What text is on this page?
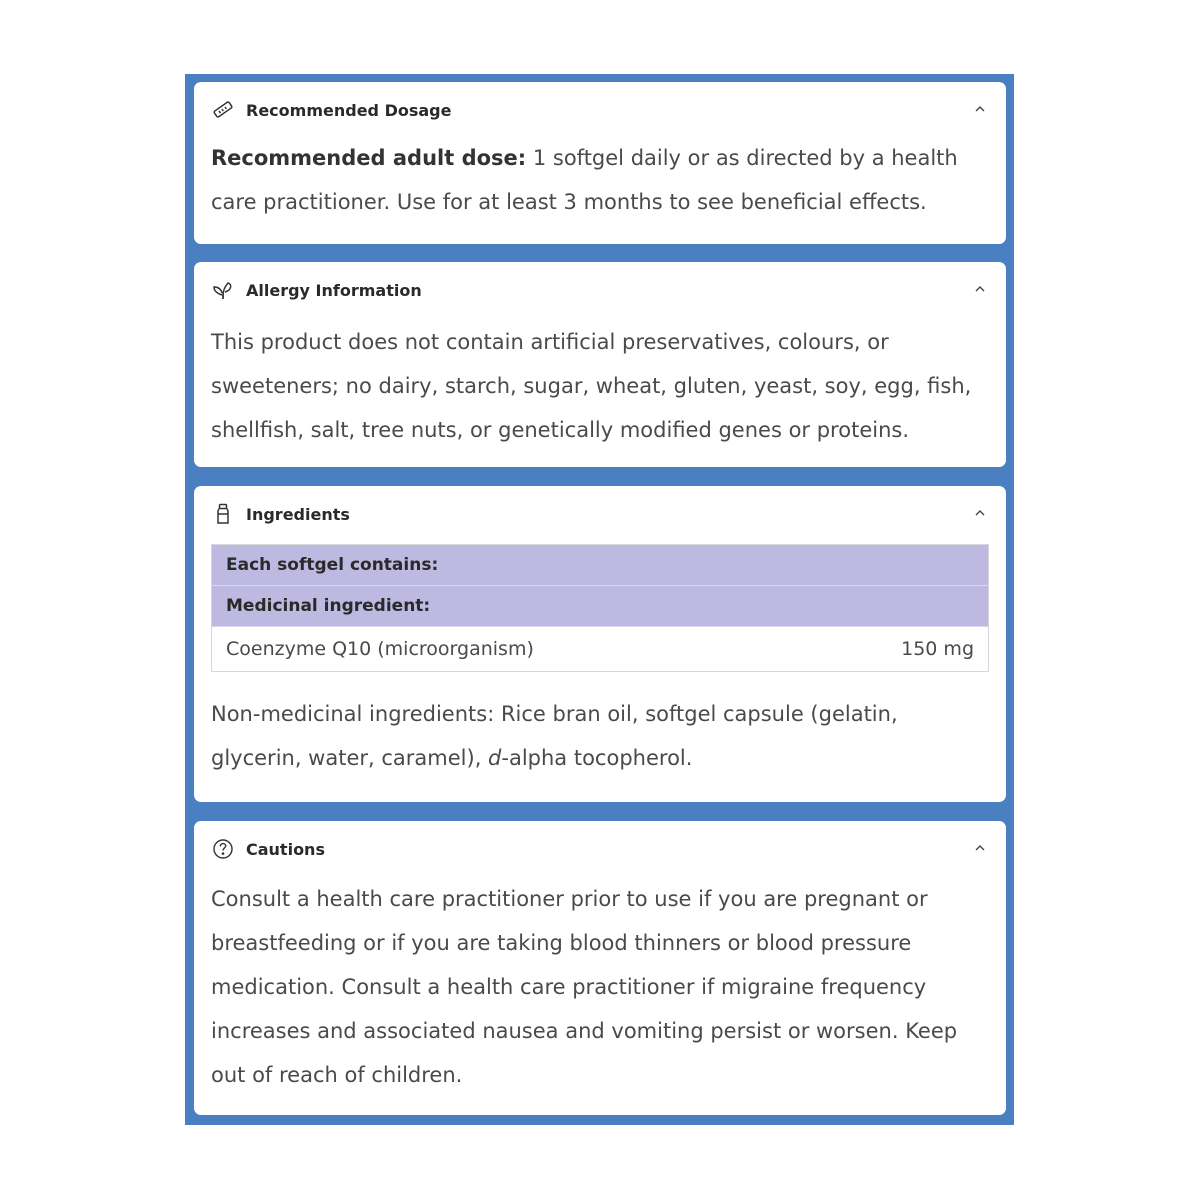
Recommended Dosage

Recommended adult dose: 1 softgel daily or as directed by a health care practitioner. Use for at least 3 months to see beneficial effects.

Allergy Information

This product does not contain artificial preservatives, colours, or sweeteners; no dairy, starch, sugar, wheat, gluten, yeast, soy, egg, fish, shellfish, salt, tree nuts, or genetically modified genes or proteins.

Ingredients
Each softgel contains:
Medicinal ingredient:
Coenzyme Q10 (microorganism)	150 mg

Non-medicinal ingredients: Rice bran oil, softgel capsule (gelatin, glycerin, water, caramel), d-alpha tocopherol.

Cautions

Consult a health care practitioner prior to use if you are pregnant or breastfeeding or if you are taking blood thinners or blood pressure medication. Consult a health care practitioner if migraine frequency increases and associated nausea and vomiting persist or worsen. Keep out of reach of children.
